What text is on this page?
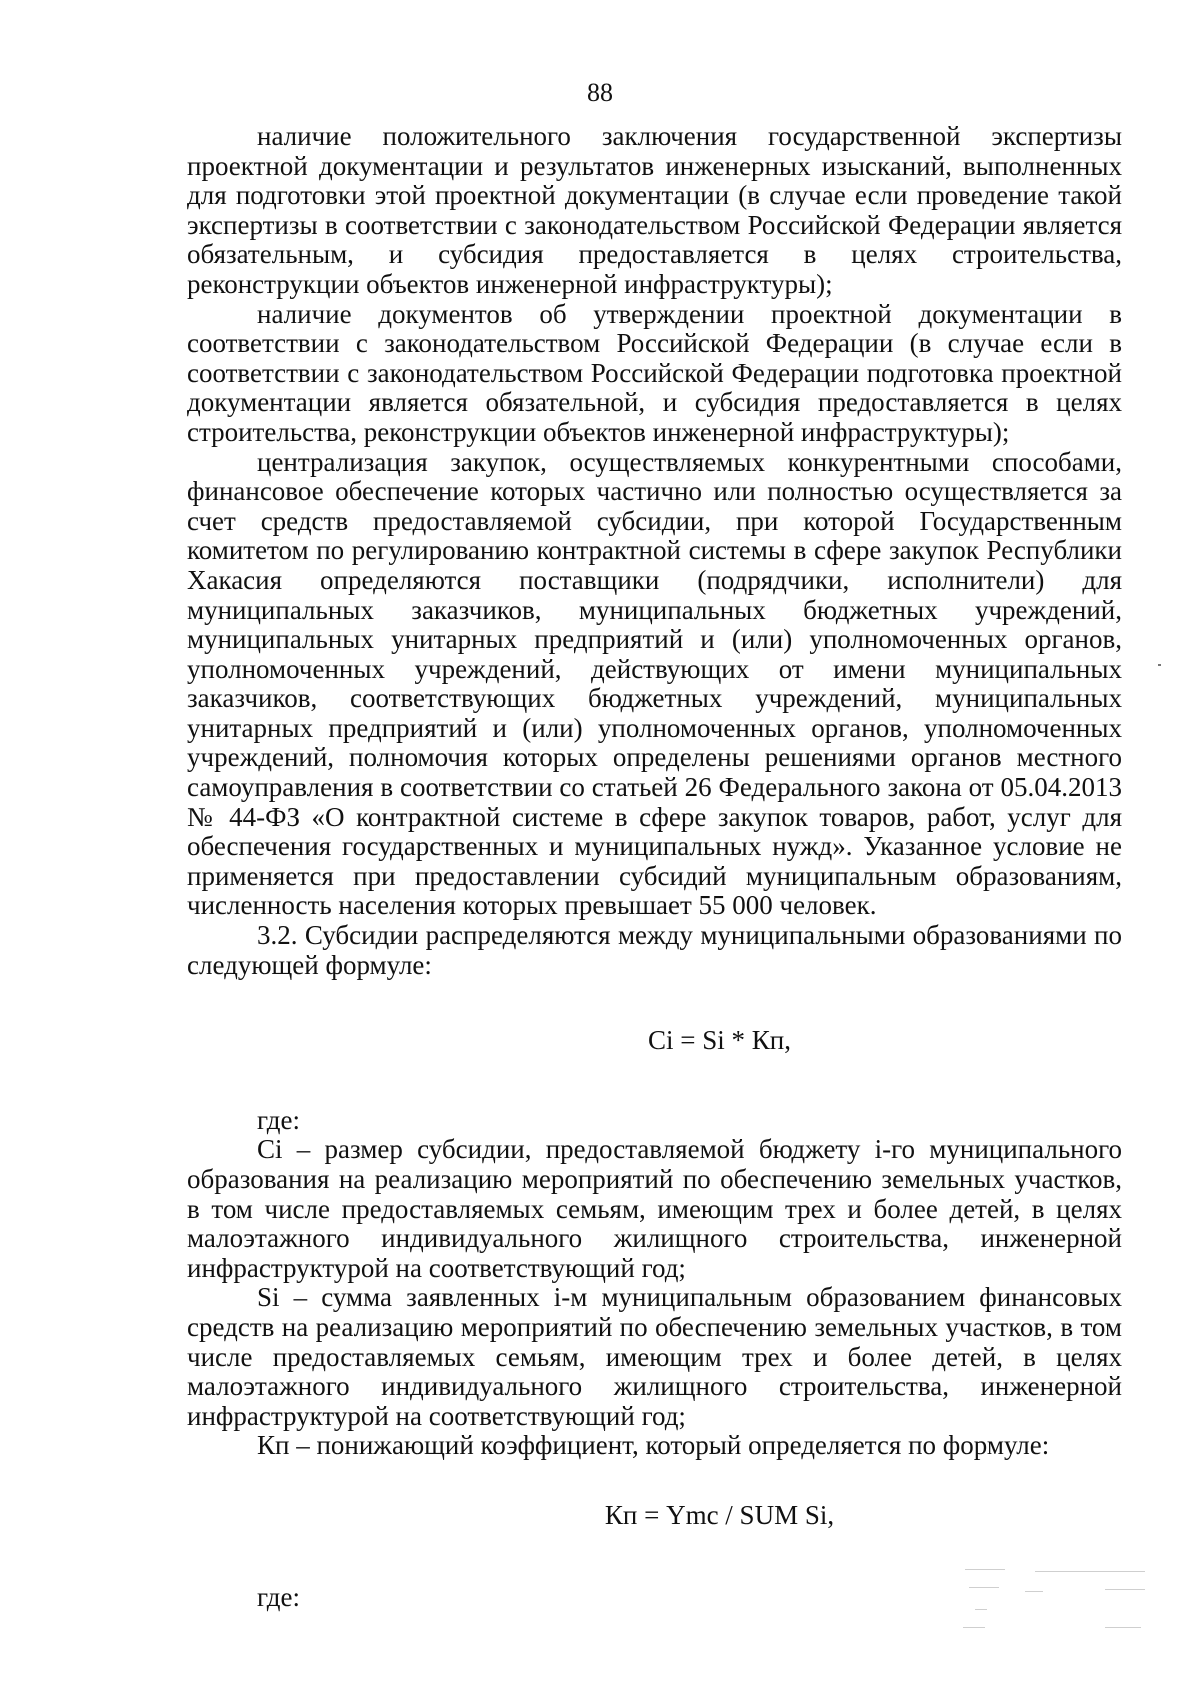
88

наличие положительного заключения государственной экспертизы проектной документации и результатов инженерных изысканий, выполненных для подготовки этой проектной документации (в случае если проведение такой экспертизы в соответствии с законодательством Российской Федерации является обязательным, и субсидия предоставляется в целях строительства, реконструкции объектов инженерной инфраструктуры);

наличие документов об утверждении проектной документации в соответствии с законодательством Российской Федерации (в случае если в соответствии с законодательством Российской Федерации подготовка проектной документации является обязательной, и субсидия предоставляется в целях строительства, реконструкции объектов инженерной инфраструктуры);

централизация закупок, осуществляемых конкурентными способами, финансовое обеспечение которых частично или полностью осуществляется за счет средств предоставляемой субсидии, при которой Государственным комитетом по регулированию контрактной системы в сфере закупок Республики Хакасия определяются поставщики (подрядчики, исполнители) для муниципальных заказчиков, муниципальных бюджетных учреждений, муниципальных унитарных предприятий и (или) уполномоченных органов, уполномоченных учреждений, действующих от имени муниципальных заказчиков, соответствующих бюджетных учреждений, муниципальных унитарных предприятий и (или) уполномоченных органов, уполномоченных учреждений, полномочия которых определены решениями органов местного самоуправления в соответствии со статьей 26 Федерального закона от 05.04.2013 № 44-ФЗ «О контрактной системе в сфере закупок товаров, работ, услуг для обеспечения государственных и муниципальных нужд». Указанное условие не применяется при предоставлении субсидий муниципальным образованиям, численность населения которых превышает 55 000 человек.

3.2. Субсидии распределяются между муниципальными образованиями по следующей формуле:

Ci = Si * Кп,

где:

Ci – размер субсидии, предоставляемой бюджету i-го муниципального образования на реализацию мероприятий по обеспечению земельных участков, в том числе предоставляемых семьям, имеющим трех и более детей, в целях малоэтажного индивидуального жилищного строительства, инженерной инфраструктурой на соответствующий год;

Si – сумма заявленных i-м муниципальным образованием финансовых средств на реализацию мероприятий по обеспечению земельных участков, в том числе предоставляемых семьям, имеющим трех и более детей, в целях малоэтажного индивидуального жилищного строительства, инженерной инфраструктурой на соответствующий год;

Кп – понижающий коэффициент, который определяется по формуле:

Кп = Ymc / SUM Si,

где:
